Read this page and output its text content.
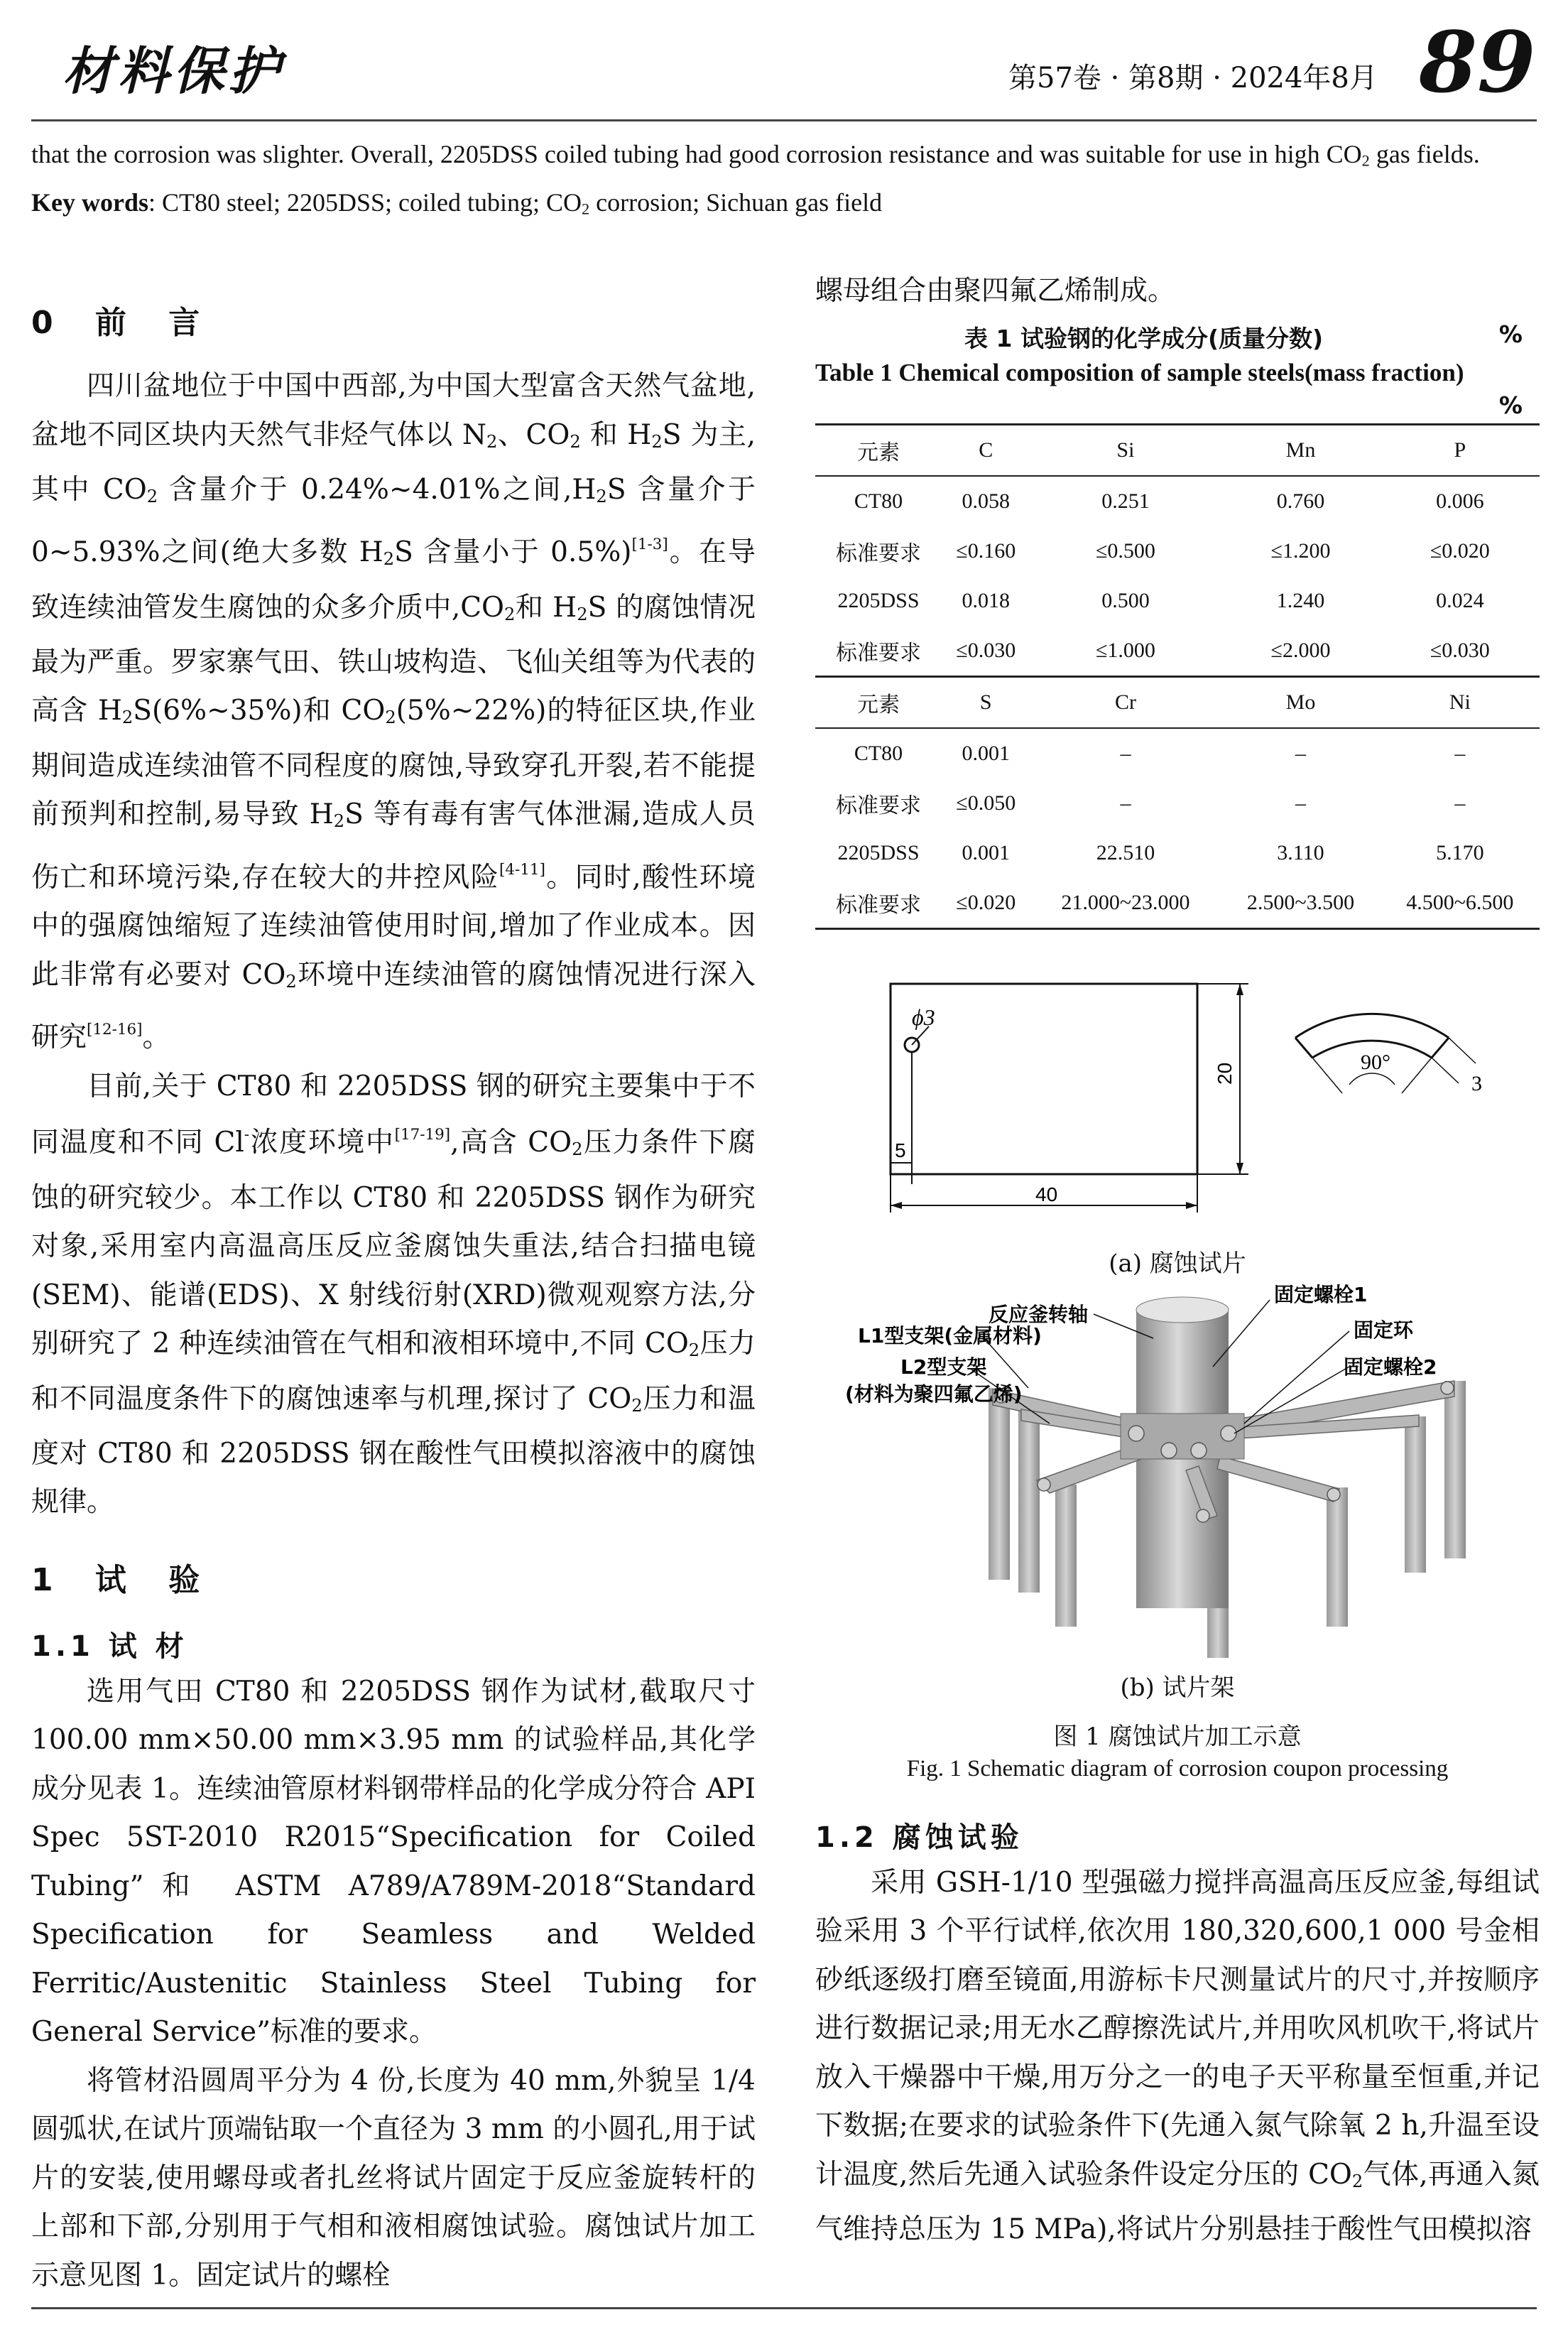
材料保护	第57卷 · 第8期 · 2024年8月 89
that the corrosion was slighter. Overall, 2205DSS coiled tubing had good corrosion resistance and was suitable for use in high $CO_2$ gas fields.
Key words: CT80 steel; 2205DSS; coiled tubing; $CO_2$ corrosion; Sichuan gas field
0 前 言

四川盆地位于中国中西部,为中国大型富含天然气盆地,盆地不同区块内天然气非烃气体以 $N_2$、$CO_2$ 和 $H_2S$ 为主,其中 $CO_2$ 含量介于 0.24%~4.01%之间$,H_2S$ 含量介于 0~5.93%之间(绝大多数 $H_2S$ 含量小于 0.5%)[1-3]。在导致连续油管发生腐蚀的众多介质中$,CO_2$和 $H_2S$ 的腐蚀情况最为严重。罗家寨气田、铁山坡构造、飞仙关组等为代表的高含 $H_2S(6\%\sim 35\%)$和 $CO_2(5\%\sim 22\%)$的特征区块,作业期间造成连续油管不同程度的腐蚀,导致穿孔开裂,若不能提前预判和控制,易导致 $H_2S$ 等有毒有害气体泄漏,造成人员伤亡和环境污染,存在较大的井控风险[4-11]。同时,酸性环境中的强腐蚀缩短了连续油管使用时间,增加了作业成本。因此非常有必要对 $CO_2$环境中连续油管的腐蚀情况进行深入研究[12-16]。

目前,关于 CT80 和 2205DSS 钢的研究主要集中于不同温度和不同 Cl-浓度环境中[17-19],高含 $CO_2$压力条件下腐蚀的研究较少。本工作以 CT80 和 2205DSS 钢作为研究对象,采用室内高温高压反应釜腐蚀失重法,结合扫描电镜(SEM)、能谱(EDS)、X 射线衍射(XRD)微观观察方法,分别研究了 2 种连续油管在气相和液相环境中,不同 $CO_2$压力和不同温度条件下的腐蚀速率与机理,探讨了 $CO_2$压力和温度对 CT80 和 2205DSS 钢在酸性气田模拟溶液中的腐蚀规律。

1 试 验
1.1 试 材

选用气田 CT80 和 2205DSS 钢作为试材,截取尺寸 100.00 mm×50.00 mm×3.95 mm 的试验样品,其化学成分见表 1。连续油管原材料钢带样品的化学成分符合 API Spec 5ST-2010 R2015“Specification for Coiled Tubing”和 ASTM A789/A789M-2018“Standard Specification for Seamless and Welded Ferritic/Austenitic Stainless Steel Tubing for General Service”标准的要求。

将管材沿圆周平分为 4 份,长度为 40 mm,外貌呈 1/4 圆弧状,在试片顶端钻取一个直径为 3 mm 的小圆孔,用于试片的安装,使用螺母或者扎丝将试片固定于反应釜旋转杆的上部和下部,分别用于气相和液相腐蚀试验。腐蚀试片加工示意见图 1。固定试片的螺栓

螺母组合由聚四氟乙烯制成。
表 1 试验钢的化学成分(质量分数)	%
Table 1 Chemical composition of sample steels(mass fraction)
%
元素	C	Si	Mn	P
CT80	0.058	0.251	0.760	0.006
标准要求	≤0.160	≤0.500	≤1.200	≤0.020
2205DSS	0.018	0.500	1.240	0.024
标准要求	≤0.030	≤1.000	≤2.000	≤0.030
元素	S	Cr	Mo	Ni
CT80	0.001	–	–	–
标准要求	≤0.050	–	–	–
2205DSS	0.001	22.510	3.110	5.170
标准要求	≤0.020	21.000~23.000	2.500~3.500	4.500~6.500
ϕ3
40
5
20	90°
3
(a) 腐蚀试片
固定螺栓1
反应釜转轴
固定环
L1型支架(金属材料)
固定螺栓2
L2型支架
(材料为聚四氟乙烯)
(b) 试片架
图 1 腐蚀试片加工示意
Fig. 1 Schematic diagram of corrosion coupon processing
1.2 腐蚀试验

采用 GSH-1/10 型强磁力搅拌高温高压反应釜,每组试验采用 3 个平行试样,依次用 180,320,600,1 000 号金相砂纸逐级打磨至镜面,用游标卡尺测量试片的尺寸,并按顺序进行数据记录;用无水乙醇擦洗试片,并用吹风机吹干,将试片放入干燥器中干燥,用万分之一的电子天平称量至恒重,并记下数据;在要求的试验条件下(先通入氮气除氧 2 h,升温至设计温度,然后先通入试验条件设定分压的 $CO_2$气体,再通入氮气维持总压为 15 MPa),将试片分别悬挂于酸性气田模拟溶
